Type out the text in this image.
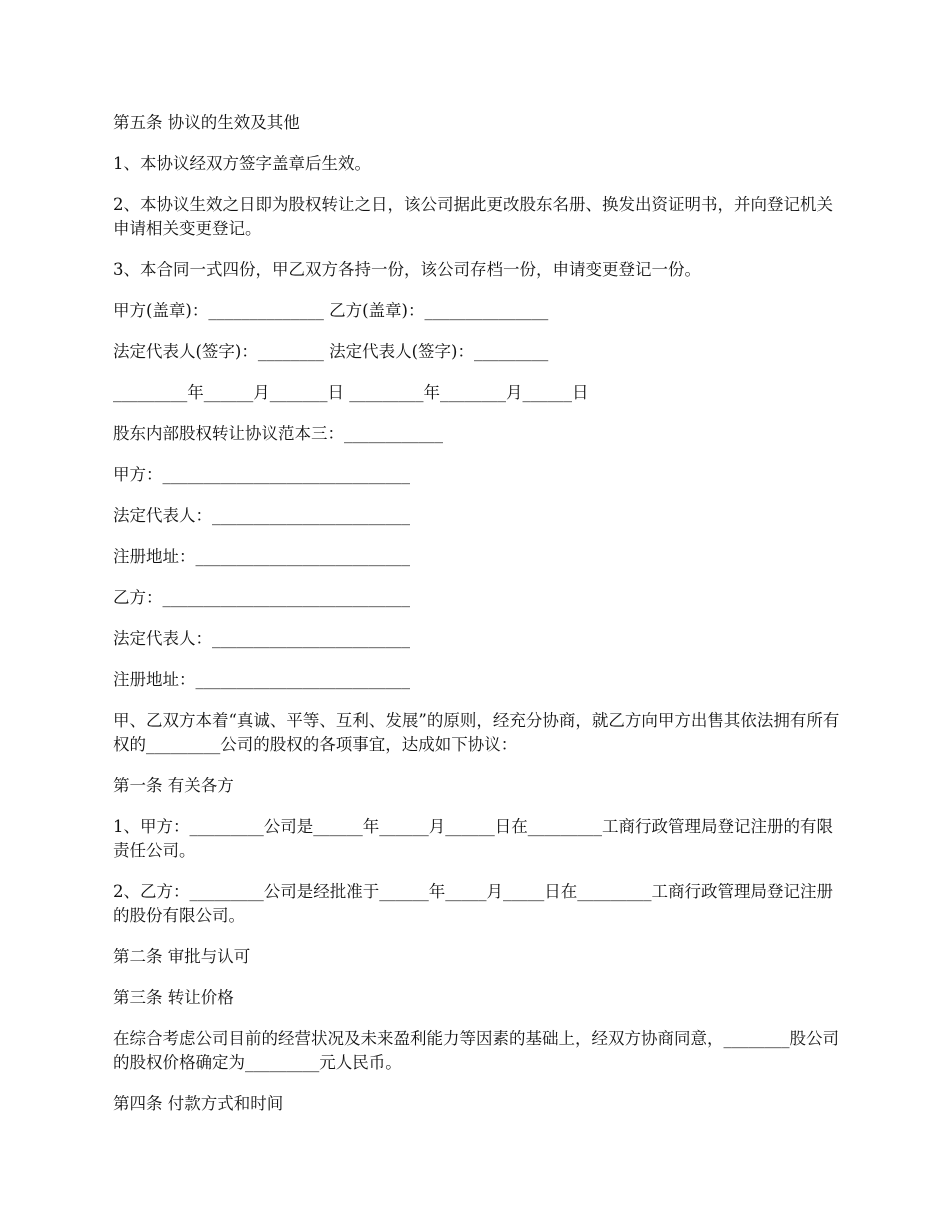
第五条 协议的生效及其他

1、本协议经双方签字盖章后生效。

2、本协议生效之日即为股权转让之日，该公司据此更改股东名册、换发出资证明书，并向登记机关申请相关变更登记。

3、本合同一式四份，甲乙双方各持一份，该公司存档一份，申请变更登记一份。

甲方(盖章)：______________ 乙方(盖章)：_______________

法定代表人(签字)：________ 法定代表人(签字)：_________

_________年______月_______日 _________年________月______日

股东内部股权转让协议范本三：____________

甲方：______________________________

法定代表人：________________________

注册地址：__________________________

乙方：______________________________

法定代表人：________________________

注册地址：__________________________

甲、乙双方本着“真诚、平等、互利、发展”的原则，经充分协商，就乙方向甲方出售其依法拥有所有权的_________公司的股权的各项事宜，达成如下协议：

第一条 有关各方

1、甲方：_________公司是______年______月______日在_________工商行政管理局登记注册的有限责任公司。

2、乙方：_________公司是经批准于______年_____月_____日在_________工商行政管理局登记注册的股份有限公司。

第二条 审批与认可

第三条 转让价格

在综合考虑公司目前的经营状况及未来盈利能力等因素的基础上，经双方协商同意，________股公司的股权价格确定为_________元人民币。

第四条 付款方式和时间
